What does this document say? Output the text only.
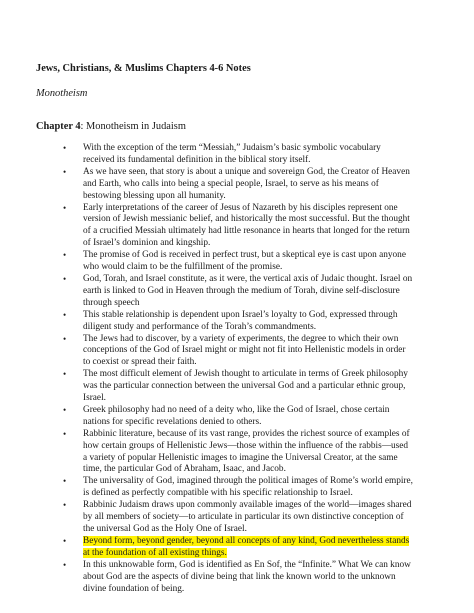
Jews, Christians, & Muslims Chapters 4-6 Notes
Monotheism
Chapter 4: Monotheism in Judaism
• With the exception of the term “Messiah,” Judaism’s basic symbolic vocabulary received its fundamental definition in the biblical story itself.
• As we have seen, that story is about a unique and sovereign God, the Creator of Heaven and Earth, who calls into being a special people, Israel, to serve as his means of bestowing blessing upon all humanity.
• Early interpretations of the career of Jesus of Nazareth by his disciples represent one version of Jewish messianic belief, and historically the most successful. But the thought of a crucified Messiah ultimately had little resonance in hearts that longed for the return of Israel’s dominion and kingship.
• The promise of God is received in perfect trust, but a skeptical eye is cast upon anyone who would claim to be the fulfillment of the promise.
• God, Torah, and Israel constitute, as it were, the vertical axis of Judaic thought. Israel on earth is linked to God in Heaven through the medium of Torah, divine self-disclosure through speech
• This stable relationship is dependent upon Israel’s loyalty to God, expressed through diligent study and performance of the Torah’s commandments.
• The Jews had to discover, by a variety of experiments, the degree to which their own conceptions of the God of Israel might or might not fit into Hellenistic models in order to coexist or spread their faith.
• The most difficult element of Jewish thought to articulate in terms of Greek philosophy was the particular connection between the universal God and a particular ethnic group, Israel.
• Greek philosophy had no need of a deity who, like the God of Israel, chose certain nations for specific revelations denied to others.
• Rabbinic literature, because of its vast range, provides the richest source of examples of how certain groups of Hellenistic Jews—those within the influence of the rabbis—used a variety of popular Hellenistic images to imagine the Universal Creator, at the same time, the particular God of Abraham, Isaac, and Jacob.
• The universality of God, imagined through the political images of Rome’s world empire, is defined as perfectly compatible with his specific relationship to Israel.
• Rabbinic Judaism draws upon commonly available images of the world—images shared by all members of society—to articulate in particular its own distinctive conception of the universal God as the Holy One of Israel.
• Beyond form, beyond gender, beyond all concepts of any kind, God nevertheless stands at the foundation of all existing things.
• In this unknowable form, God is identified as En Sof, the “Infinite.” What We can know about God are the aspects of divine being that link the known world to the unknown divine foundation of being.
